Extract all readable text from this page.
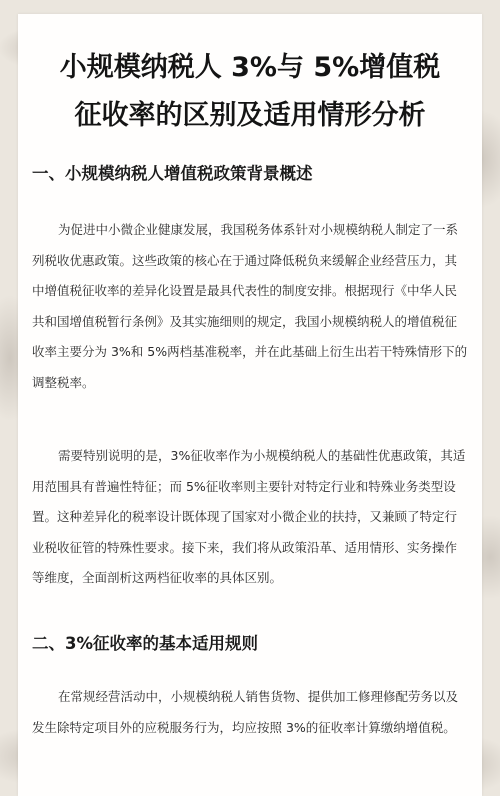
小规模纳税人 3%与 5%增值税
征收率的区别及适用情形分析
一、小规模纳税人增值税政策背景概述

为促进中小微企业健康发展，我国税务体系针对小规模纳税人制定了一系
列税收优惠政策。这些政策的核心在于通过降低税负来缓解企业经营压力，其
中增值税征收率的差异化设置是最具代表性的制度安排。根据现行《中华人民
共和国增值税暂行条例》及其实施细则的规定，我国小规模纳税人的增值税征
收率主要分为 3%和 5%两档基准税率，并在此基础上衍生出若干特殊情形下的
调整税率。

需要特别说明的是，3%征收率作为小规模纳税人的基础性优惠政策，其适
用范围具有普遍性特征；而 5%征收率则主要针对特定行业和特殊业务类型设
置。这种差异化的税率设计既体现了国家对小微企业的扶持，又兼顾了特定行
业税收征管的特殊性要求。接下来，我们将从政策沿革、适用情形、实务操作
等维度，全面剖析这两档征收率的具体区别。

二、3%征收率的基本适用规则

在常规经营活动中，小规模纳税人销售货物、提供加工修理修配劳务以及
发生除特定项目外的应税服务行为，均应按照 3%的征收率计算缴纳增值税。
